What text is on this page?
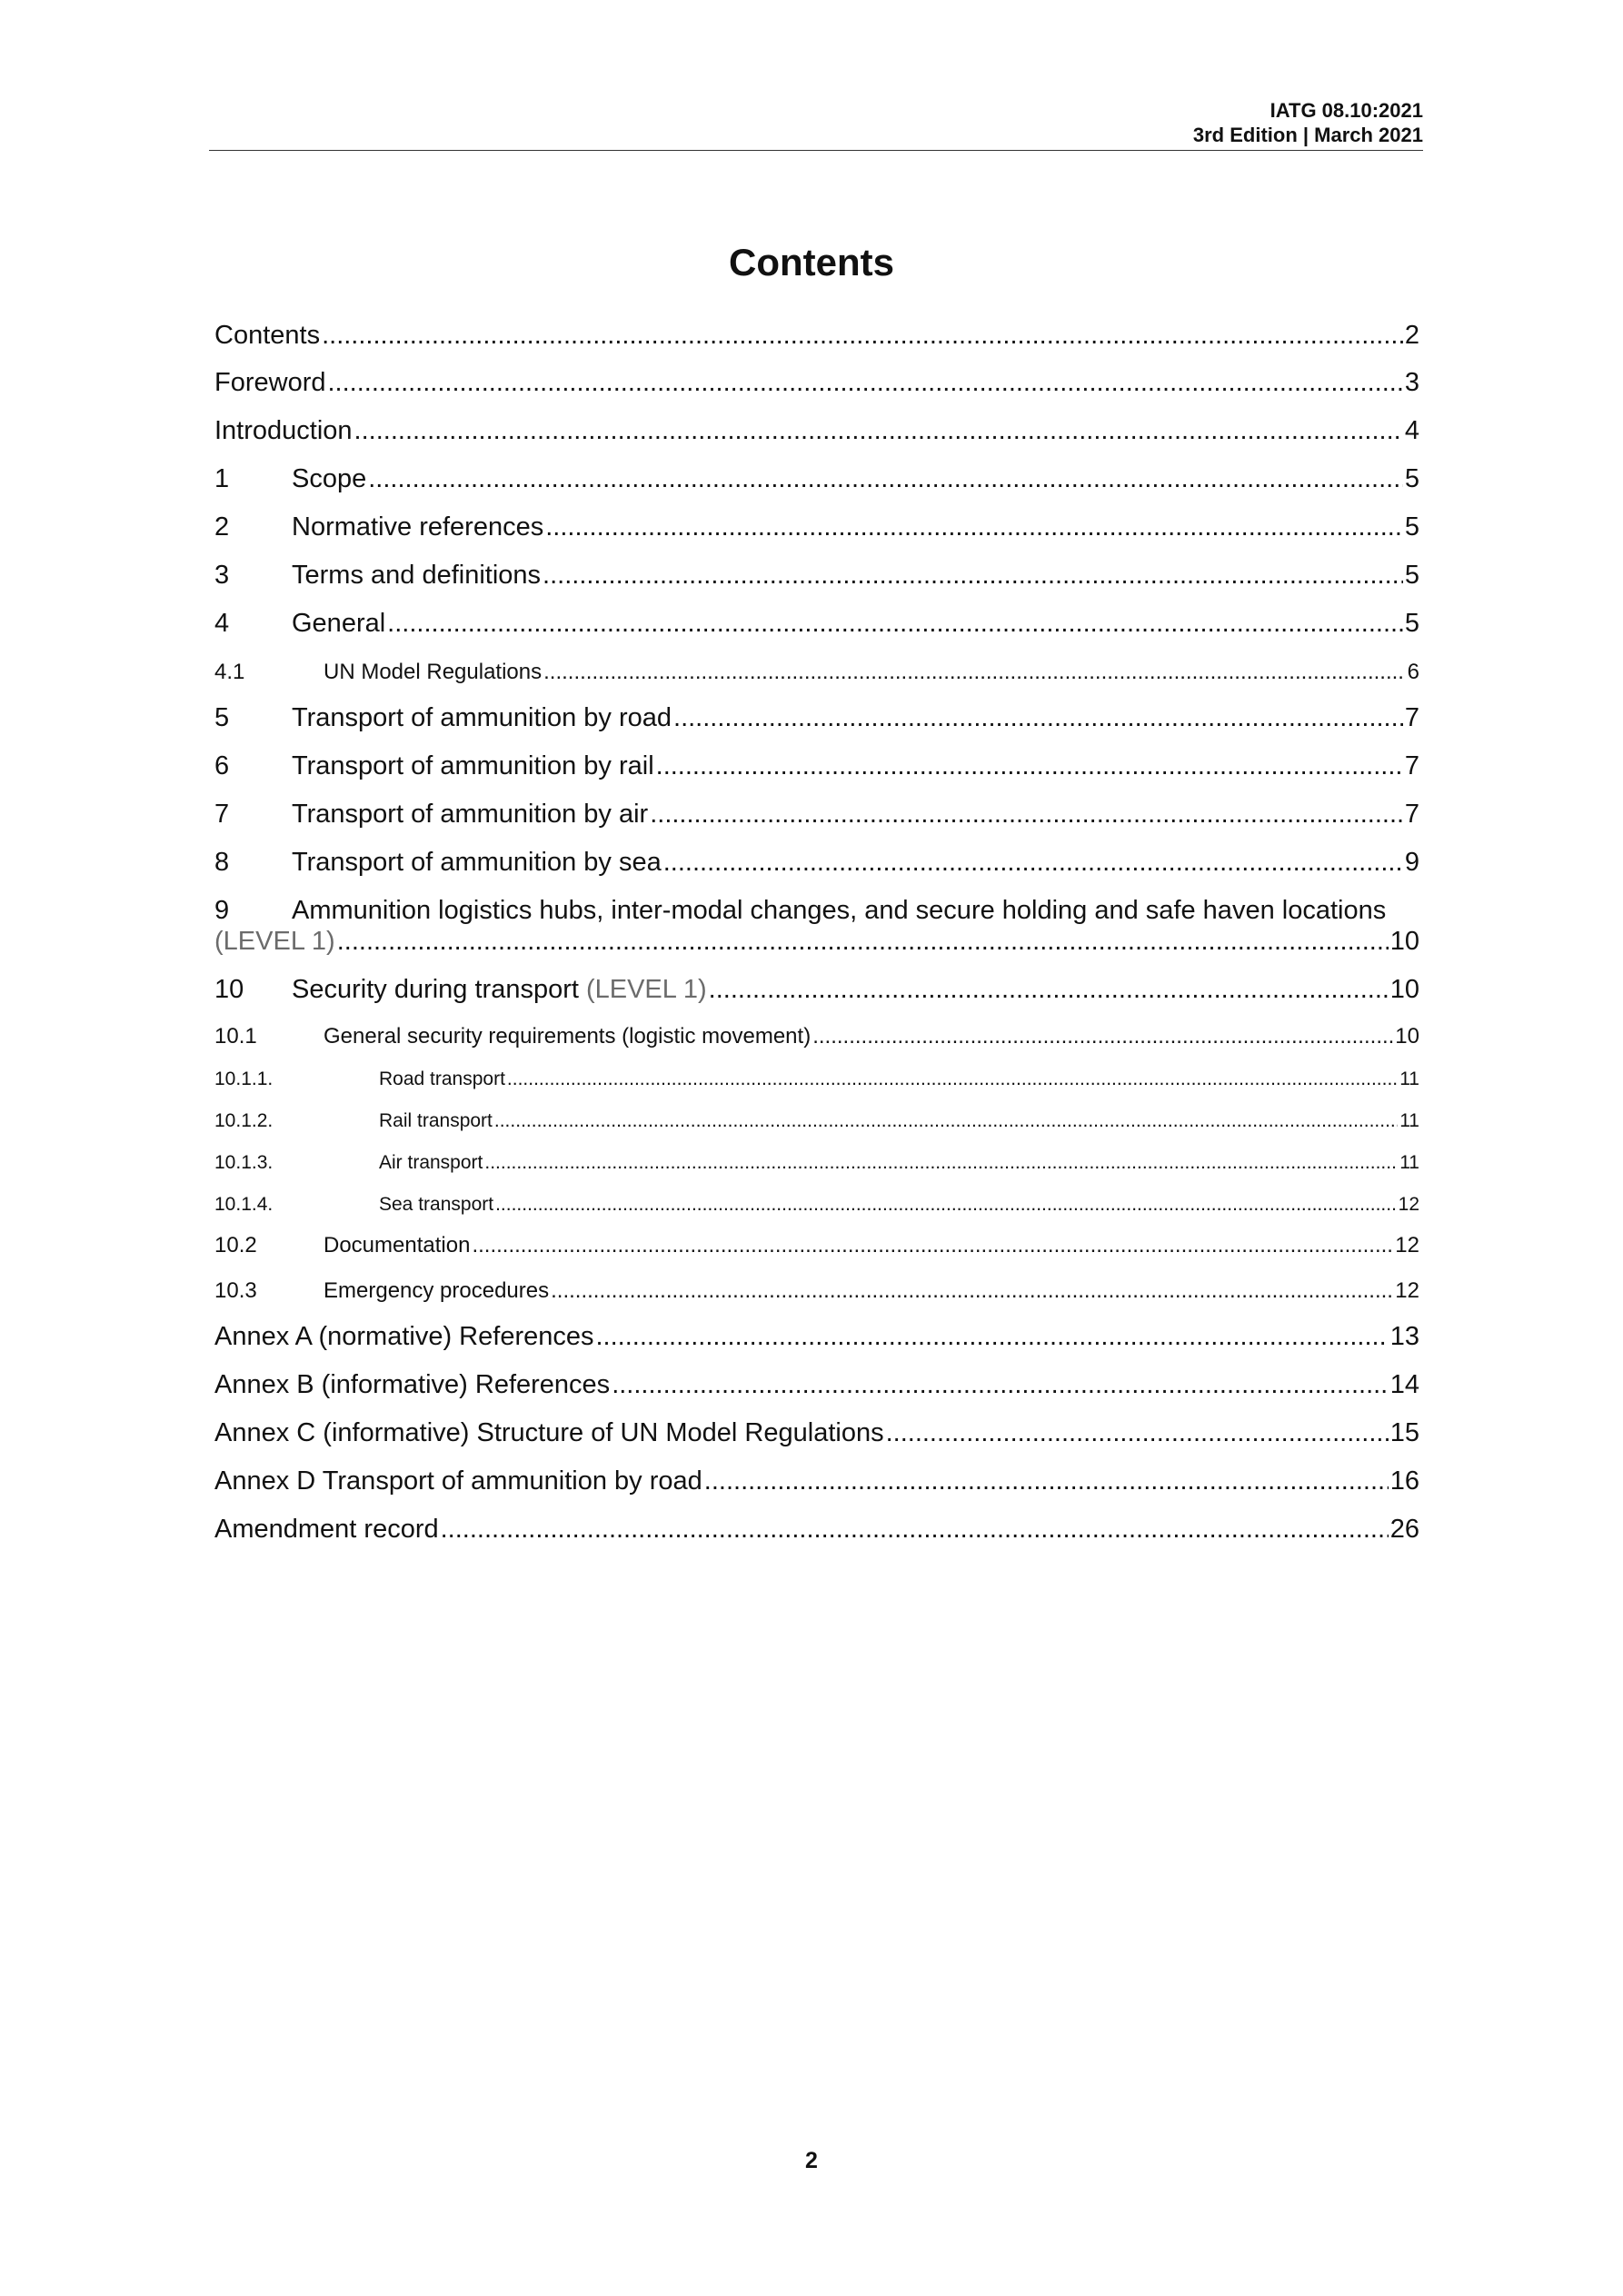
IATG 08.10:2021
3rd Edition | March 2021
Contents
Contents .....	2
Foreword .....	3
Introduction .....	4
1	Scope .....	5
2	Normative references .....	5
3	Terms and definitions .....	5
4	General .....	5
4.1	UN Model Regulations .....	6
5	Transport of ammunition by road .....	7
6	Transport of ammunition by rail .....	7
7	Transport of ammunition by air .....	7
8	Transport of ammunition by sea .....	9
9 Ammunition logistics hubs, inter-modal changes, and secure holding and safe haven locations
(LEVEL 1) .....	10
10	Security during transport (LEVEL 1) .....	10
10.1	General security requirements (logistic movement) .....	10
10.1.1.	Road transport .....	11
10.1.2.	Rail transport .....	11
10.1.3.	Air transport .....	11
10.1.4.	Sea transport .....	12
10.2	Documentation .....	12
10.3	Emergency procedures .....	12
Annex A (normative) References .....	13
Annex B (informative) References .....	14
Annex C (informative) Structure of UN Model Regulations .....	15
Annex D Transport of ammunition by road .....	16
Amendment record .....	26
2
